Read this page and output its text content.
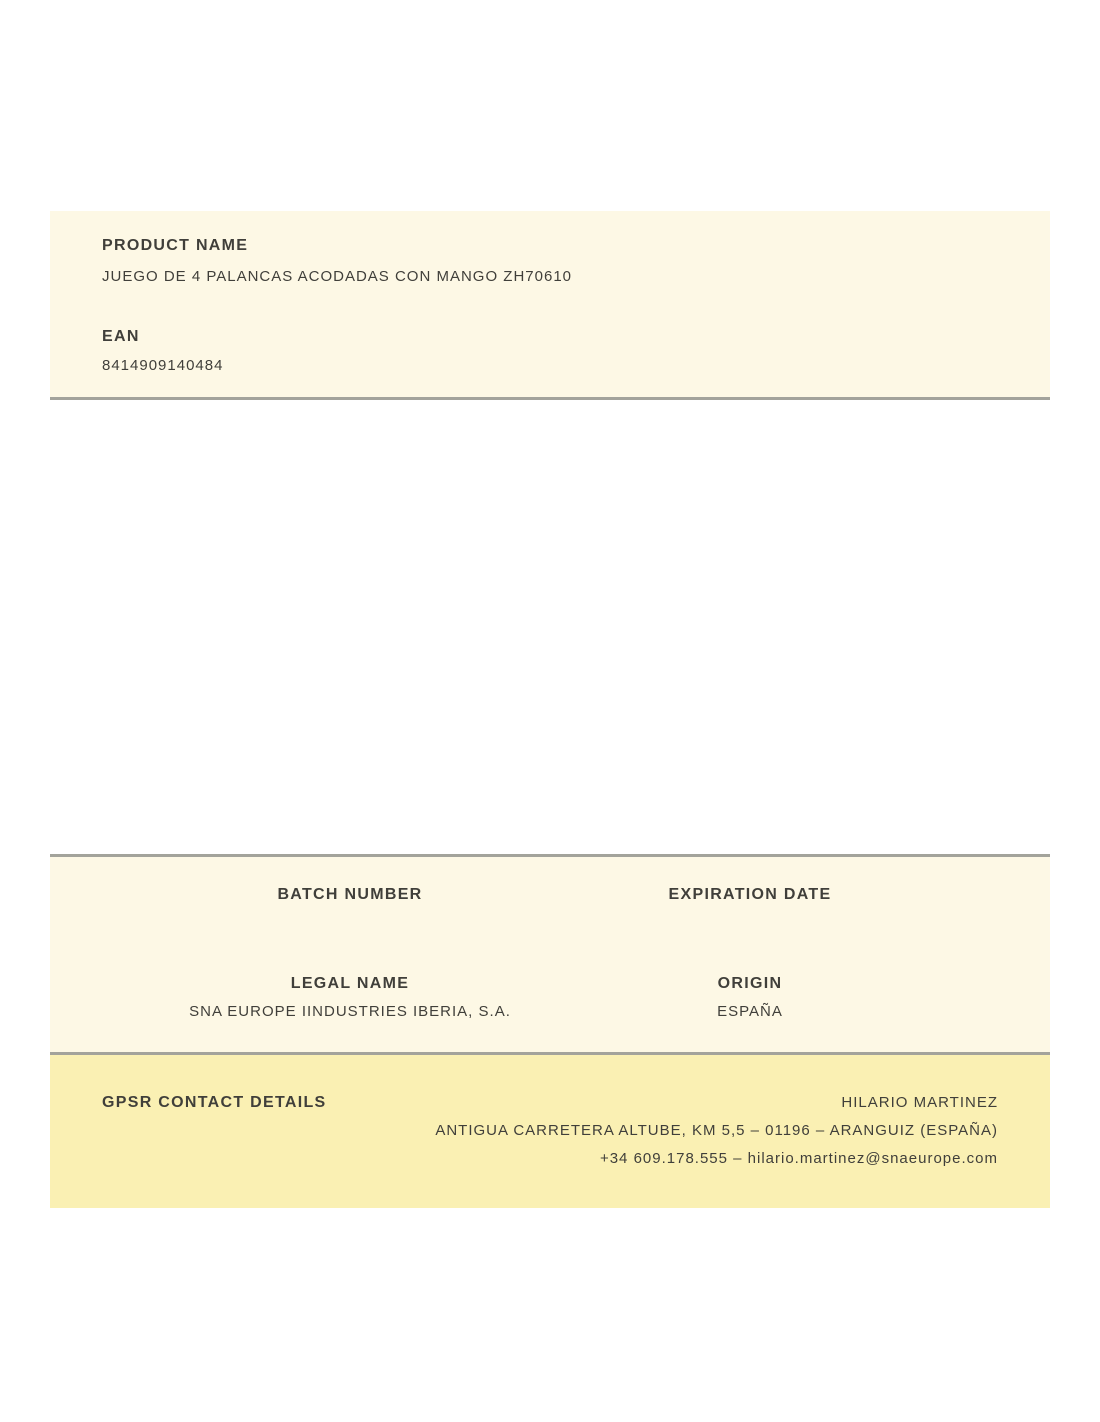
PRODUCT NAME
JUEGO DE 4 PALANCAS ACODADAS CON MANGO ZH70610
EAN
8414909140484
BATCH NUMBER	EXPIRATION DATE
LEGAL NAME	ORIGIN
SNA EUROPE IINDUSTRIES IBERIA, S.A.	ESPAÑA
GPSR CONTACT DETAILS	HILARIO MARTINEZ
ANTIGUA CARRETERA ALTUBE, KM 5,5 – 01196 – ARANGUIZ (ESPAÑA)
+34 609.178.555 – hilario.martinez@snaeurope.com
